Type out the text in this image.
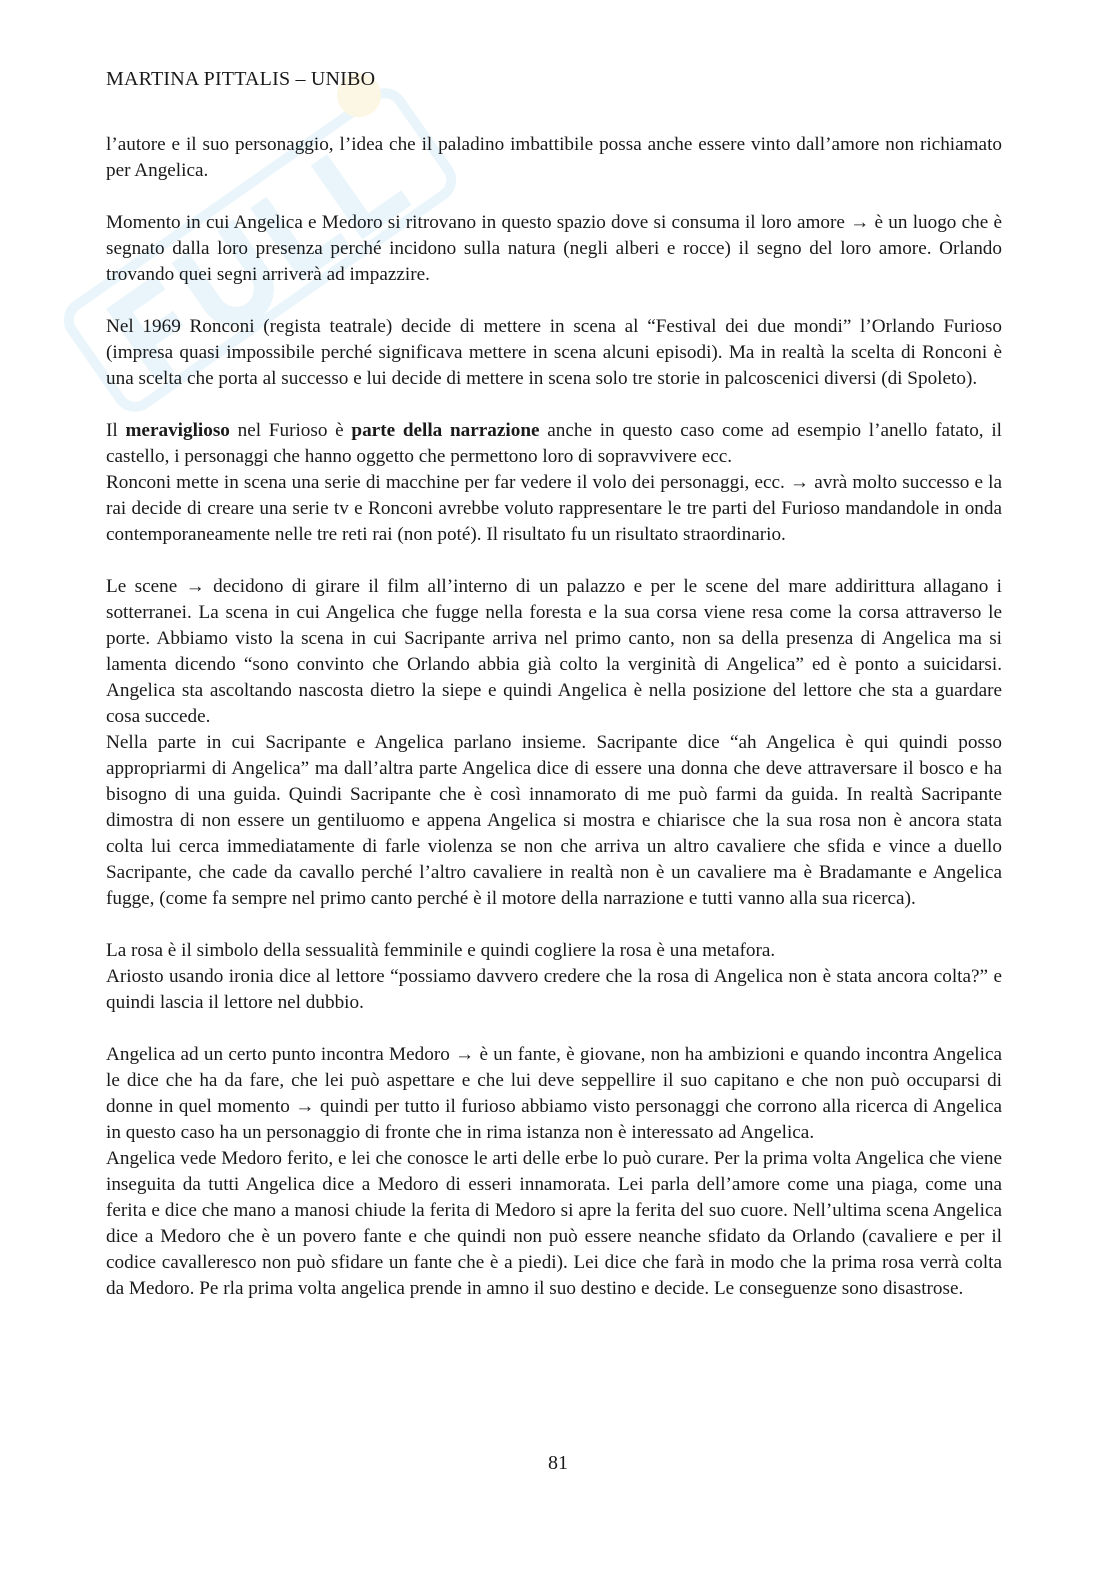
MARTINA PITTALIS – UNIBO

l’autore e il suo personaggio, l’idea che il paladino imbattibile possa anche essere vinto dall’amore non richiamato per Angelica.

Momento in cui Angelica e Medoro si ritrovano in questo spazio dove si consuma il loro amore → è un luogo che è segnato dalla loro presenza perché incidono sulla natura (negli alberi e rocce) il segno del loro amore. Orlando trovando quei segni arriverà ad impazzire.

Nel 1969 Ronconi (regista teatrale) decide di mettere in scena al “Festival dei due mondi” l’Orlando Furioso (impresa quasi impossibile perché significava mettere in scena alcuni episodi). Ma in realtà la scelta di Ronconi è una scelta che porta al successo e lui decide di mettere in scena solo tre storie in palcoscenici diversi (di Spoleto).

Il meraviglioso nel Furioso è parte della narrazione anche in questo caso come ad esempio l’anello fatato, il castello, i personaggi che hanno oggetto che permettono loro di sopravvivere ecc.

Ronconi mette in scena una serie di macchine per far vedere il volo dei personaggi, ecc. → avrà molto successo e la rai decide di creare una serie tv e Ronconi avrebbe voluto rappresentare le tre parti del Furioso mandandole in onda contemporaneamente nelle tre reti rai (non poté). Il risultato fu un risultato straordinario.

Le scene → decidono di girare il film all’interno di un palazzo e per le scene del mare addirittura allagano i sotterranei. La scena in cui Angelica che fugge nella foresta e la sua corsa viene resa come la corsa attraverso le porte. Abbiamo visto la scena in cui Sacripante arriva nel primo canto, non sa della presenza di Angelica ma si lamenta dicendo “sono convinto che Orlando abbia già colto la verginità di Angelica” ed è ponto a suicidarsi. Angelica sta ascoltando nascosta dietro la siepe e quindi Angelica è nella posizione del lettore che sta a guardare cosa succede.

Nella parte in cui Sacripante e Angelica parlano insieme. Sacripante dice “ah Angelica è qui quindi posso appropriarmi di Angelica” ma dall’altra parte Angelica dice di essere una donna che deve attraversare il bosco e ha bisogno di una guida. Quindi Sacripante che è così innamorato di me può farmi da guida. In realtà Sacripante dimostra di non essere un gentiluomo e appena Angelica si mostra e chiarisce che la sua rosa non è ancora stata colta lui cerca immediatamente di farle violenza se non che arriva un altro cavaliere che sfida e vince a duello Sacripante, che cade da cavallo perché l’altro cavaliere in realtà non è un cavaliere ma è Bradamante e Angelica fugge, (come fa sempre nel primo canto perché è il motore della narrazione e tutti vanno alla sua ricerca).

La rosa è il simbolo della sessualità femminile e quindi cogliere la rosa è una metafora.

Ariosto usando ironia dice al lettore “possiamo davvero credere che la rosa di Angelica non è stata ancora colta?” e quindi lascia il lettore nel dubbio.

Angelica ad un certo punto incontra Medoro → è un fante, è giovane, non ha ambizioni e quando incontra Angelica le dice che ha da fare, che lei può aspettare e che lui deve seppellire il suo capitano e che non può occuparsi di donne in quel momento → quindi per tutto il furioso abbiamo visto personaggi che corrono alla ricerca di Angelica in questo caso ha un personaggio di fronte che in rima istanza non è interessato ad Angelica.

Angelica vede Medoro ferito, e lei che conosce le arti delle erbe lo può curare. Per la prima volta Angelica che viene inseguita da tutti Angelica dice a Medoro di esseri innamorata. Lei parla dell’amore come una piaga, come una ferita e dice che mano a manosi chiude la ferita di Medoro si apre la ferita del suo cuore. Nell’ultima scena Angelica dice a Medoro che è un povero fante e che quindi non può essere neanche sfidato da Orlando (cavaliere e per il codice cavalleresco non può sfidare un fante che è a piedi). Lei dice che farà in modo che la prima rosa verrà colta da Medoro. Pe rla prima volta angelica prende in amno il suo destino e decide. Le conseguenze sono disastrose.

81
